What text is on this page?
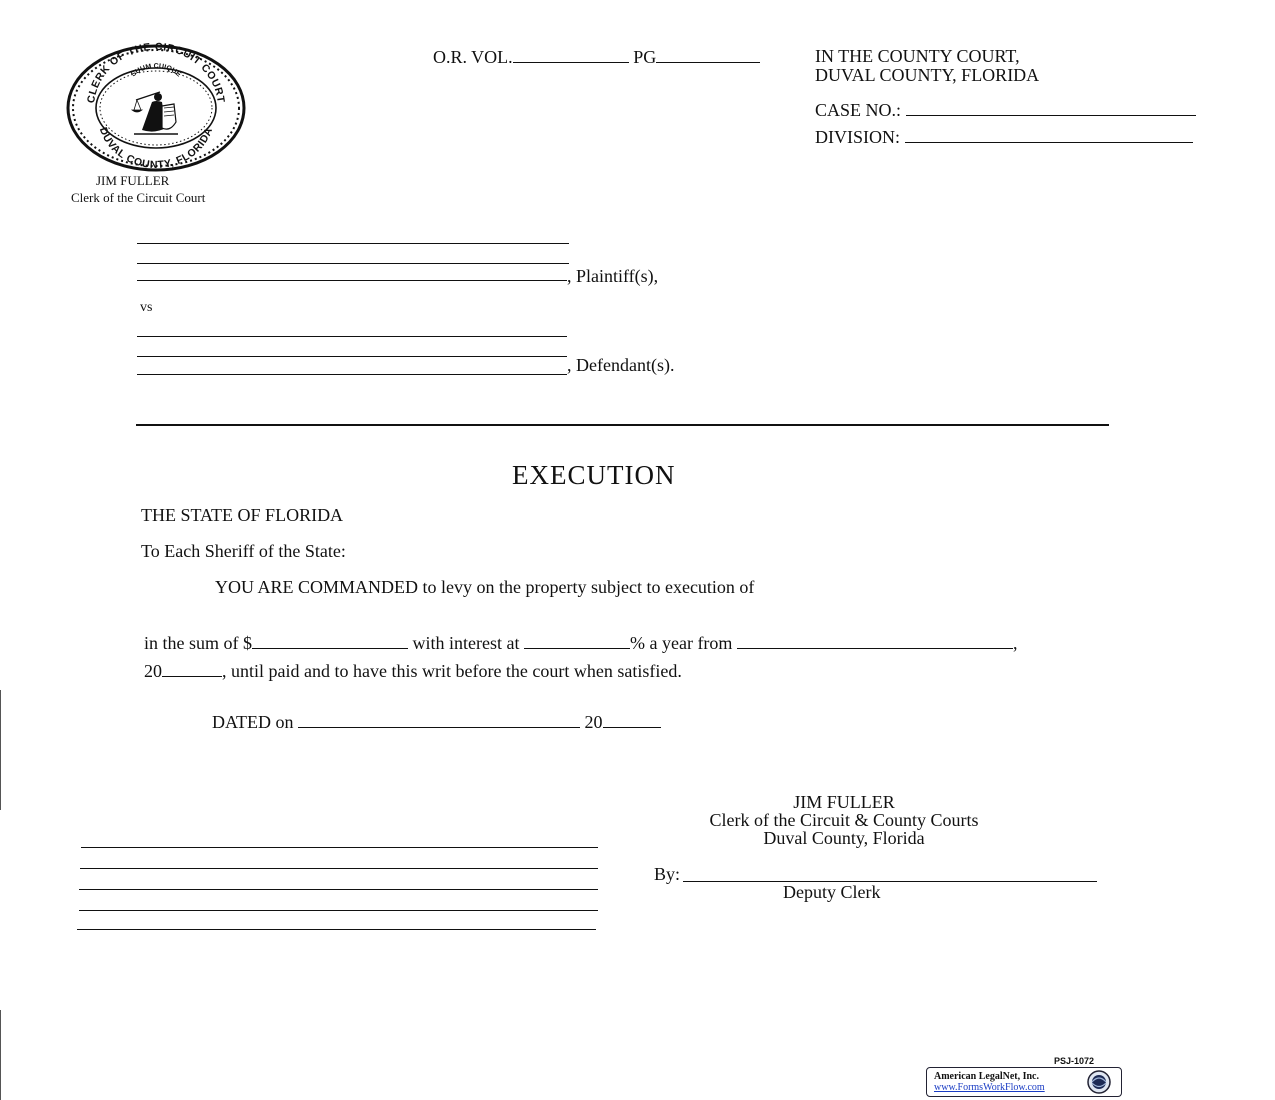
CLERK OF THE CIRCUIT COURT
DUVAL COUNTY, FLORIDA
SUUM CUIQUE
JIM FULLER
Clerk of the Circuit Court
O.R. VOL.	PG	IN THE COUNTY COURT,
DUVAL COUNTY, FLORIDA
CASE NO.:
DIVISION:
, Plaintiff(s),
vs
, Defendant(s).
EXECUTION
THE STATE OF FLORIDA
To Each Sheriff of the State:
YOU ARE COMMANDED to levy on the property subject to execution of
in the sum of $	with interest at	% a year from	,
20	, until paid and to have this writ before the court when satisfied.
DATED on	20
JIM FULLER
Clerk of the Circuit & County Courts
Duval County, Florida
By:
Deputy Clerk
PSJ-1072
American LegalNet, Inc.
www.FormsWorkFlow.com
